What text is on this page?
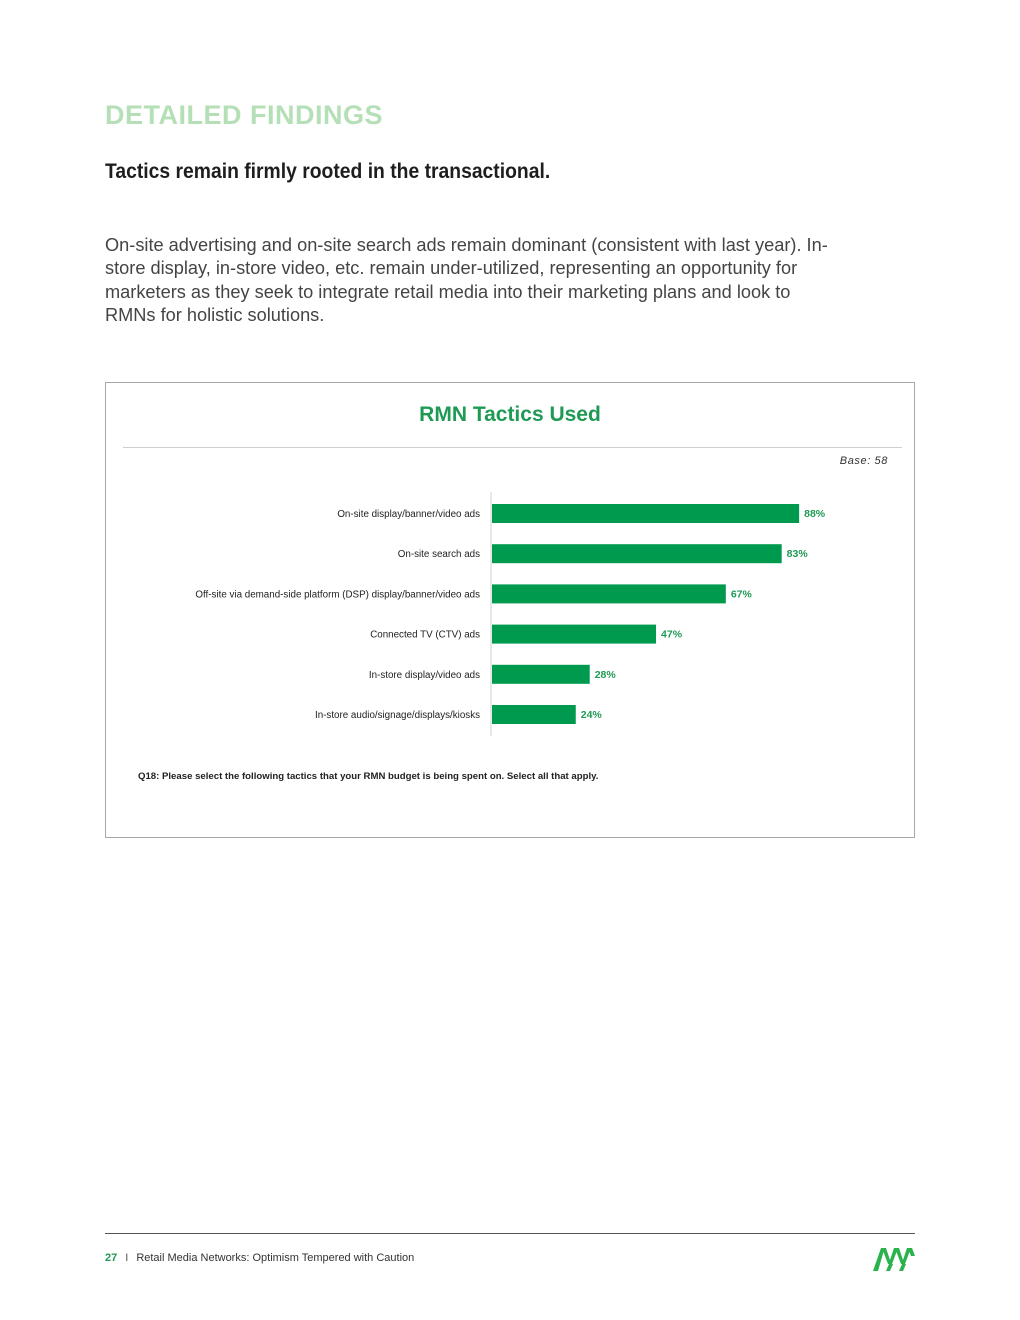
DETAILED FINDINGS
Tactics remain firmly rooted in the transactional.

On-site advertising and on-site search ads remain dominant (consistent with last year). In-store display, in-store video, etc. remain under-utilized, representing an opportunity for marketers as they seek to integrate retail media into their marketing plans and look to RMNs for holistic solutions.

RMN Tactics Used
Base: 58
On-site display/banner/video ads	88%
On-site search ads	83%
Off-site via demand-side platform (DSP) display/banner/video ads	67%
Connected TV (CTV) ads	47%
In-store display/video ads	28%
In-store audio/signage/displays/kiosks	24%

Q18: Please select the following tactics that your RMN budget is being spent on. Select all that apply.

27 I Retail Media Networks: Optimism Tempered with Caution
